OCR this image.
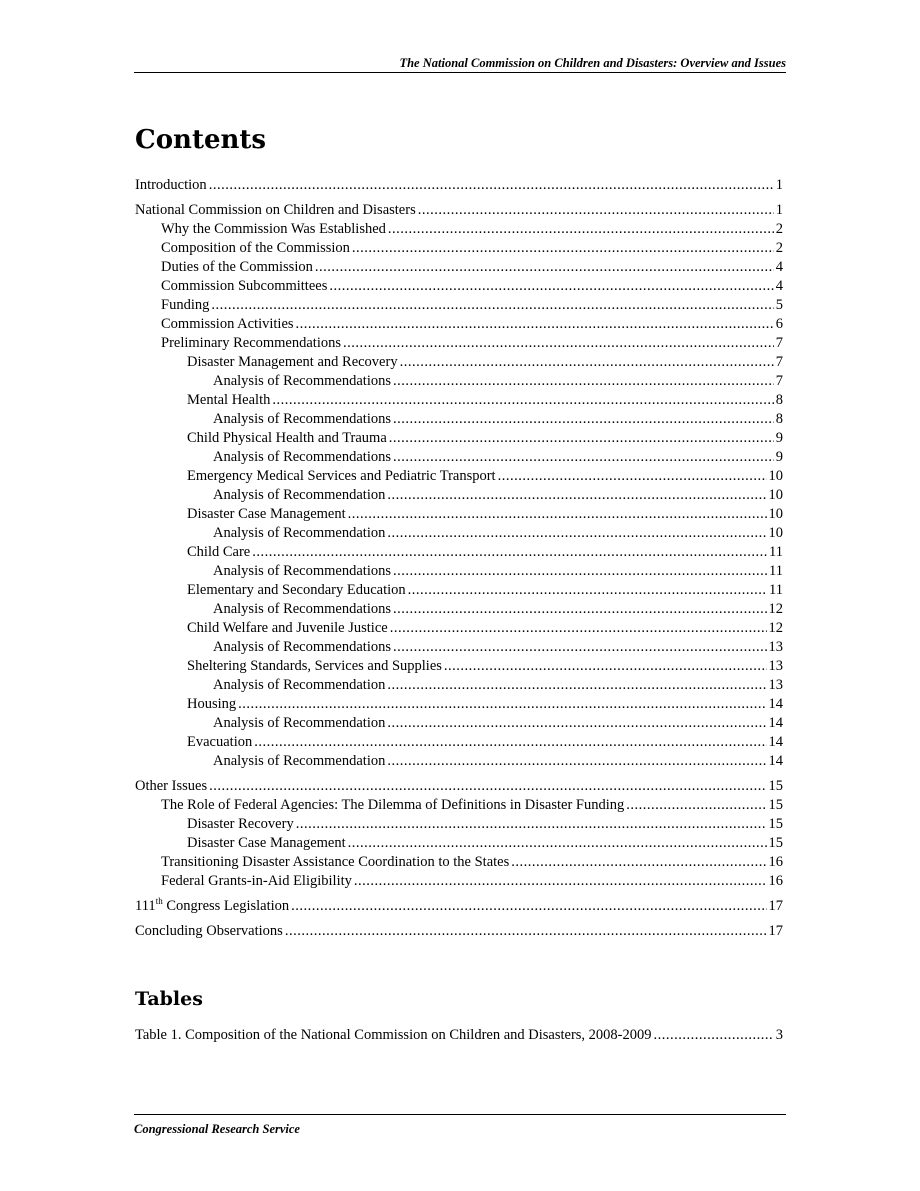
The National Commission on Children and Disasters: Overview and Issues
Contents
Introduction .....	1
National Commission on Children and Disasters .....	1
Why the Commission Was Established .....	2
Composition of the Commission .....	2
Duties of the Commission .....	4
Commission Subcommittees .....	4
Funding .....	5
Commission Activities .....	6
Preliminary Recommendations .....	7
Disaster Management and Recovery .....	7
Analysis of Recommendations .....	7
Mental Health .....	8
Analysis of Recommendations .....	8
Child Physical Health and Trauma .....	9
Analysis of Recommendations .....	9
Emergency Medical Services and Pediatric Transport .....	10
Analysis of Recommendation .....	10
Disaster Case Management .....	10
Analysis of Recommendation .....	10
Child Care .....	11
Analysis of Recommendations .....	11
Elementary and Secondary Education .....	11
Analysis of Recommendations .....	12
Child Welfare and Juvenile Justice .....	12
Analysis of Recommendations .....	13
Sheltering Standards, Services and Supplies .....	13
Analysis of Recommendation .....	13
Housing .....	14
Analysis of Recommendation .....	14
Evacuation .....	14
Analysis of Recommendation .....	14
Other Issues .....	15
The Role of Federal Agencies: The Dilemma of Definitions in Disaster Funding .....	15
Disaster Recovery .....	15
Disaster Case Management .....	15
Transitioning Disaster Assistance Coordination to the States .....	16
Federal Grants-in-Aid Eligibility .....	16
111th Congress Legislation .....	17
Concluding Observations .....	17
Tables
Table 1. Composition of the National Commission on Children and Disasters, 2008-2009 .....	3
Congressional Research Service
